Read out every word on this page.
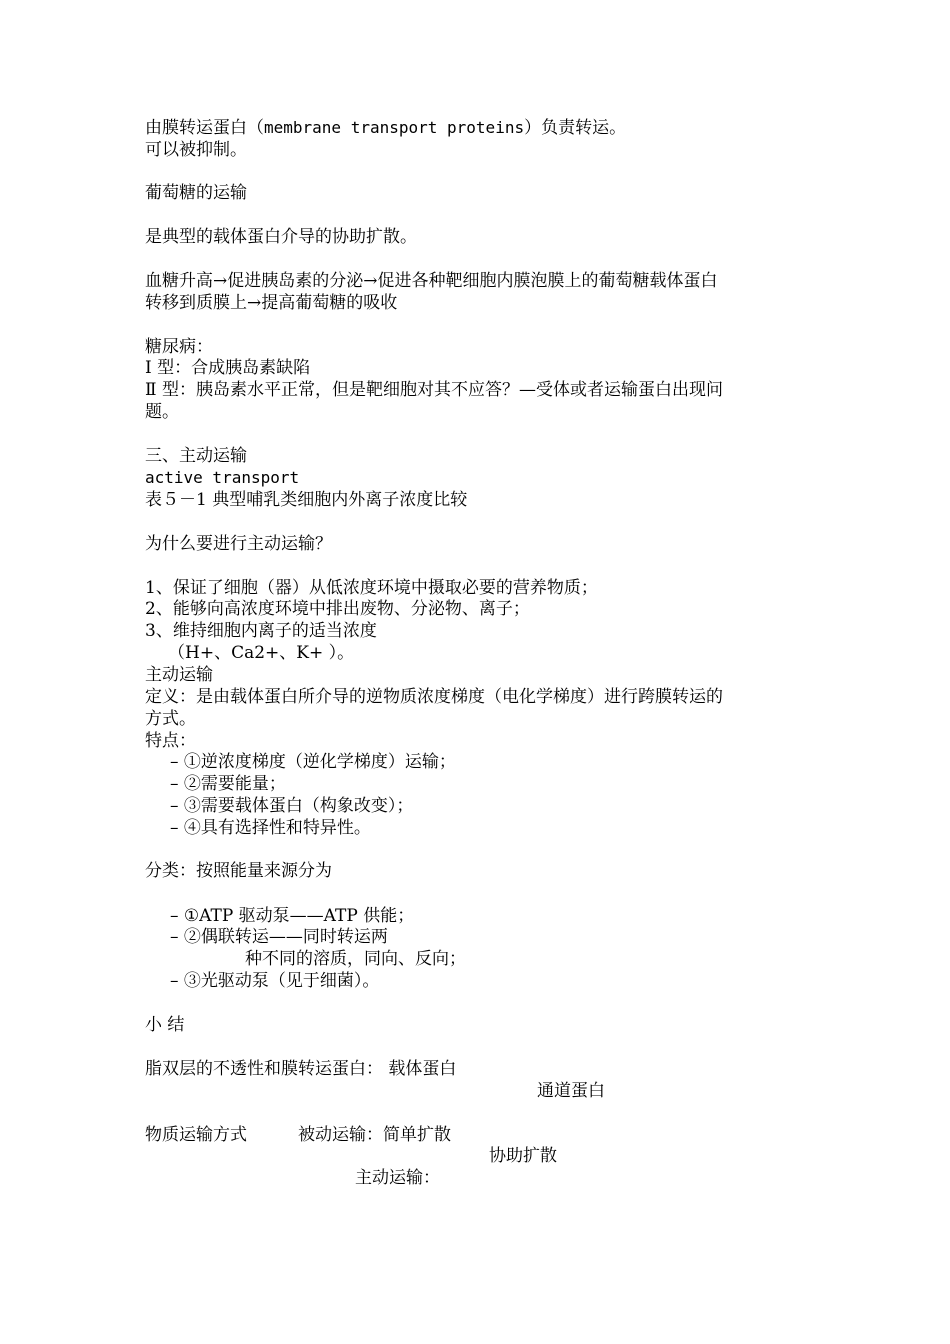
由膜转运蛋白（membrane transport proteins）负责转运。
可以被抑制。
葡萄糖的运输
是典型的载体蛋白介导的协助扩散。
血糖升高→促进胰岛素的分泌→促进各种靶细胞内膜泡膜上的葡萄糖载体蛋白
转移到质膜上→提高葡萄糖的吸收
糖尿病：
Ⅰ 型：合成胰岛素缺陷
Ⅱ 型：胰岛素水平正常，但是靶细胞对其不应答？—受体或者运输蛋白出现问
题。
三、主动运输
active transport
表５－1 典型哺乳类细胞内外离子浓度比较
为什么要进行主动运输？
1、保证了细胞（器）从低浓度环境中摄取必要的营养物质；
2、能够向高浓度环境中排出废物、分泌物、离子；
3、维持细胞内离子的适当浓度
（H+、Ca2+、K+ ）。
主动运输
定义：是由载体蛋白所介导的逆物质浓度梯度（电化学梯度）进行跨膜转运的
方式。
特点：
– ①逆浓度梯度（逆化学梯度）运输；
– ②需要能量；
– ③需要载体蛋白（构象改变）；
– ④具有选择性和特异性。
分类：按照能量来源分为
– ①ATP 驱动泵——ATP 供能；
– ②偶联转运——同时转运两
种不同的溶质，同向、反向；
– ③光驱动泵（见于细菌）。
小 结
脂双层的不透性和膜转运蛋白： 载体蛋白
通道蛋白
物质运输方式	被动运输：简单扩散
协助扩散
主动运输：
